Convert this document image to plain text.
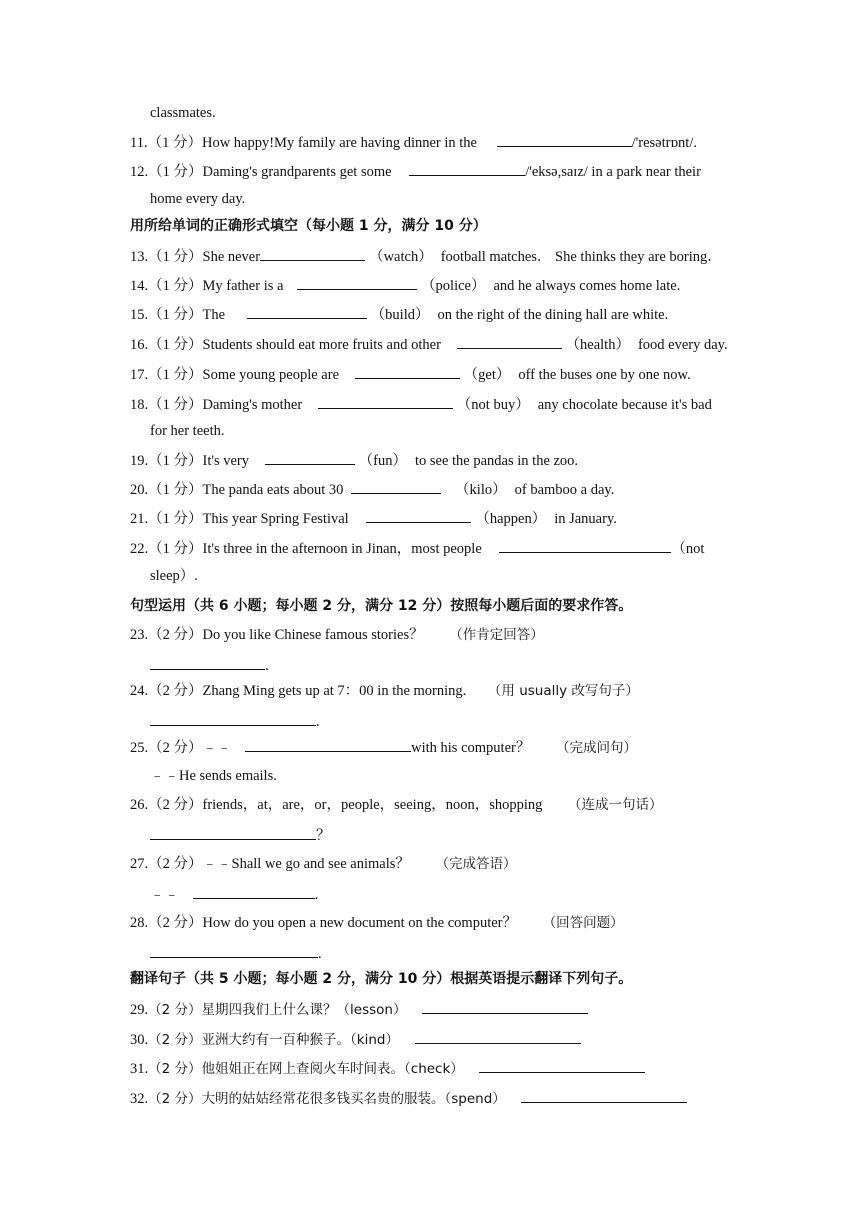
classmates.
11.（1 分）How happy!My family are having dinner in the	/'resətrɒnt/.
12.（1 分）Daming's grandparents get some	/'eksə,saɪz/ in a park near their
home every day.
用所给单词的正确形式填空（每小题 1 分，满分 10 分）
13.（1 分）She never	（watch） football matches． She thinks they are boring．
14.（1 分）My father is a	（police） and he always comes home late.
15.（1 分）The	（build） on the right of the dining hall are white.
16.（1 分）Students should eat more fruits and other	（health） food every day.
17.（1 分）Some young people are	（get） off the buses one by one now.
18.（1 分）Daming's mother	（not buy） any chocolate because it's bad
for her teeth.
19.（1 分）It's very	（fun） to see the pandas in the zoo.
20.（1 分）The panda eats about 30	（kilo） of bamboo a day.
21.（1 分）This year Spring Festival	（happen） in January.
22.（1 分）It's three in the afternoon in Jinan，most people	（not
sleep）.
句型运用（共 6 小题；每小题 2 分，满分 12 分）按照每小题后面的要求作答。
23.（2 分）Do you like Chinese famous stories？ （作肯定回答）
.
24.（2 分）Zhang Ming gets up at 7：00 in the morning. （用 usually 改写句子）
.
25.（2 分）﹣﹣	with his computer？ （完成问句）
﹣﹣He sends emails.
26.（2 分）friends，at，are，or，people，seeing，noon，shopping （连成一句话）
？
27.（2 分）﹣﹣Shall we go and see animals？ （完成答语）
﹣﹣	.
28.（2 分）How do you open a new document on the computer？ （回答问题）
.
翻译句子（共 5 小题；每小题 2 分，满分 10 分）根据英语提示翻译下列句子。
29.（2 分）星期四我们上什么课？（lesson）
30.（2 分）亚洲大约有一百种猴子。（kind）
31.（2 分）他姐姐正在网上查阅火车时间表。（check）
32.（2 分）大明的姑姑经常花很多钱买名贵的服装。（spend）
